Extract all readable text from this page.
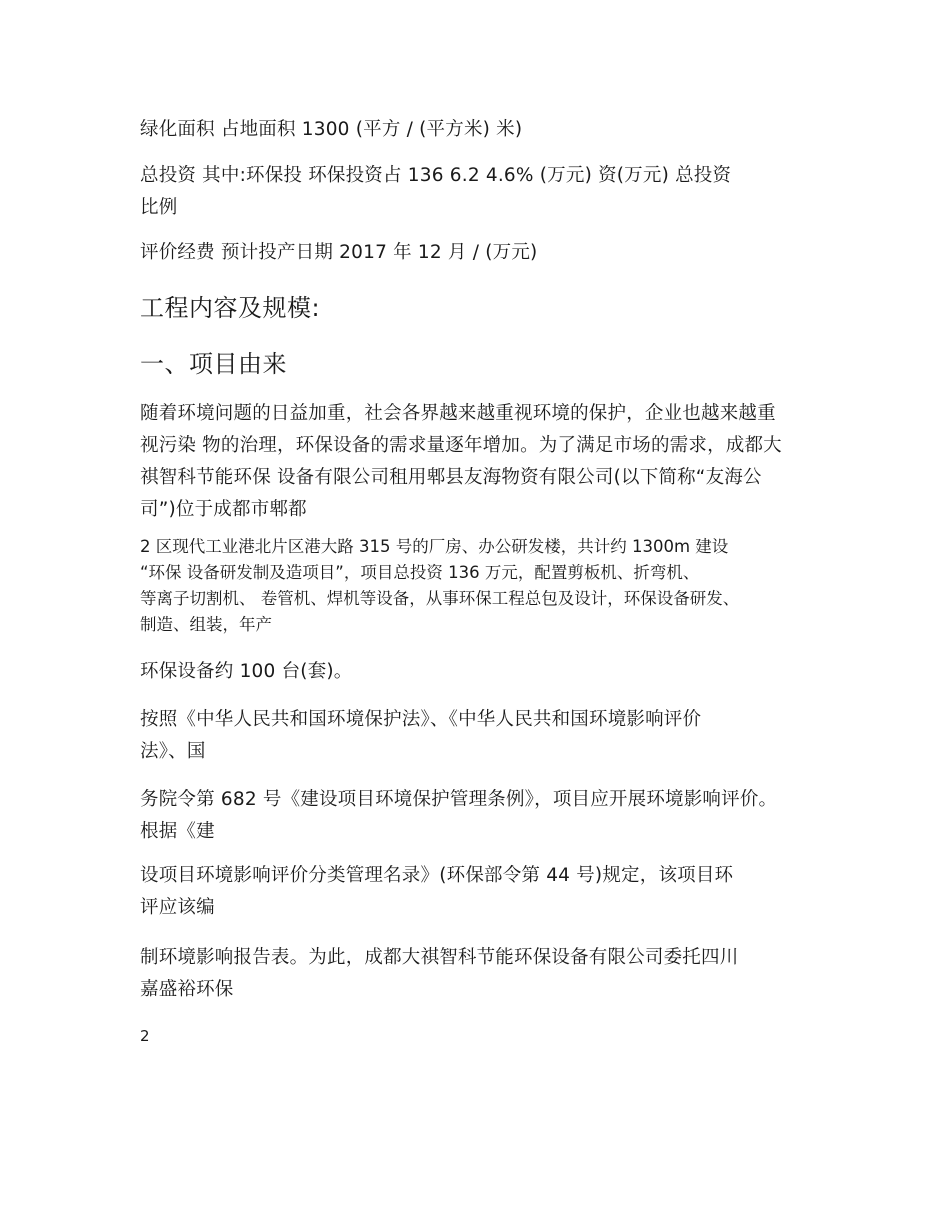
绿化面积 占地面积 1300 (平方 / (平方米) 米)

总投资 其中:环保投 环保投资占 136 6.2 4.6% (万元) 资(万元) 总投资
比例

评价经费 预计投产日期 2017 年 12 月 / (万元)

工程内容及规模:
一、项目由来

随着环境问题的日益加重，社会各界越来越重视环境的保护，企业也越来越重
视污染 物的治理，环保设备的需求量逐年增加。为了满足市场的需求，成都大
祺智科节能环保 设备有限公司租用郫县友海物资有限公司(以下简称“友海公
司”)位于成都市郫都

2 区现代工业港北片区港大路 315 号的厂房、办公研发楼，共计约 1300m 建设
“环保 设备研发制及造项目”，项目总投资 136 万元，配置剪板机、折弯机、
等离子切割机、 卷管机、焊机等设备，从事环保工程总包及设计，环保设备研发、
制造、组装，年产

环保设备约 100 台(套)。

按照《中华人民共和国环境保护法》、《中华人民共和国环境影响评价
法》、国

务院令第 682 号《建设项目环境保护管理条例》，项目应开展环境影响评价。
根据《建

设项目环境影响评价分类管理名录》(环保部令第 44 号)规定，该项目环
评应该编

制环境影响报告表。为此，成都大祺智科节能环保设备有限公司委托四川
嘉盛裕环保

2
